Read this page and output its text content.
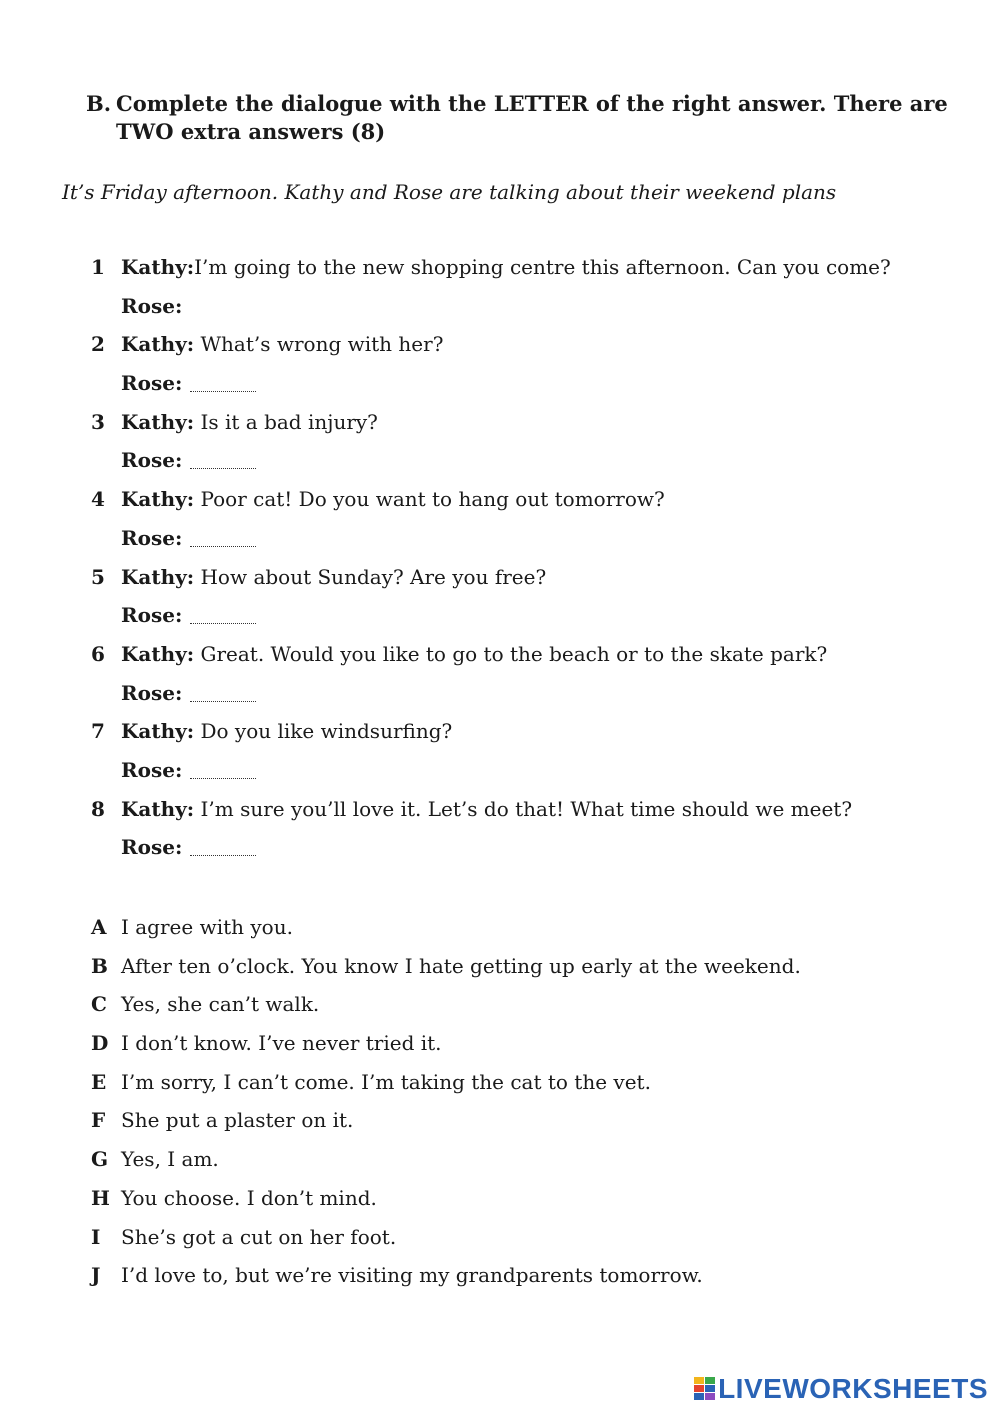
B. Complete the dialogue with the LETTER of the right answer. There are TWO extra answers (8)
It’s Friday afternoon. Kathy and Rose are talking about their weekend plans
1 Kathy:I’m going to the new shopping centre this afternoon. Can you come?
Rose:
2 Kathy: What’s wrong with her?
Rose:
3 Kathy: Is it a bad injury?
Rose:
4 Kathy: Poor cat! Do you want to hang out tomorrow?
Rose:
5 Kathy: How about Sunday? Are you free?
Rose:
6 Kathy: Great. Would you like to go to the beach or to the skate park?
Rose:
7 Kathy: Do you like windsurfing?
Rose:
8 Kathy: I’m sure you’ll love it. Let’s do that! What time should we meet?
Rose:
A I agree with you.
B After ten o’clock. You know I hate getting up early at the weekend.
C Yes, she can’t walk.
D I don’t know. I’ve never tried it.
E I’m sorry, I can’t come. I’m taking the cat to the vet.
F She put a plaster on it.
G Yes, I am.
H You choose. I don’t mind.
I She’s got a cut on her foot.
J I’d love to, but we’re visiting my grandparents tomorrow.
LIVEWORKSHEETS
